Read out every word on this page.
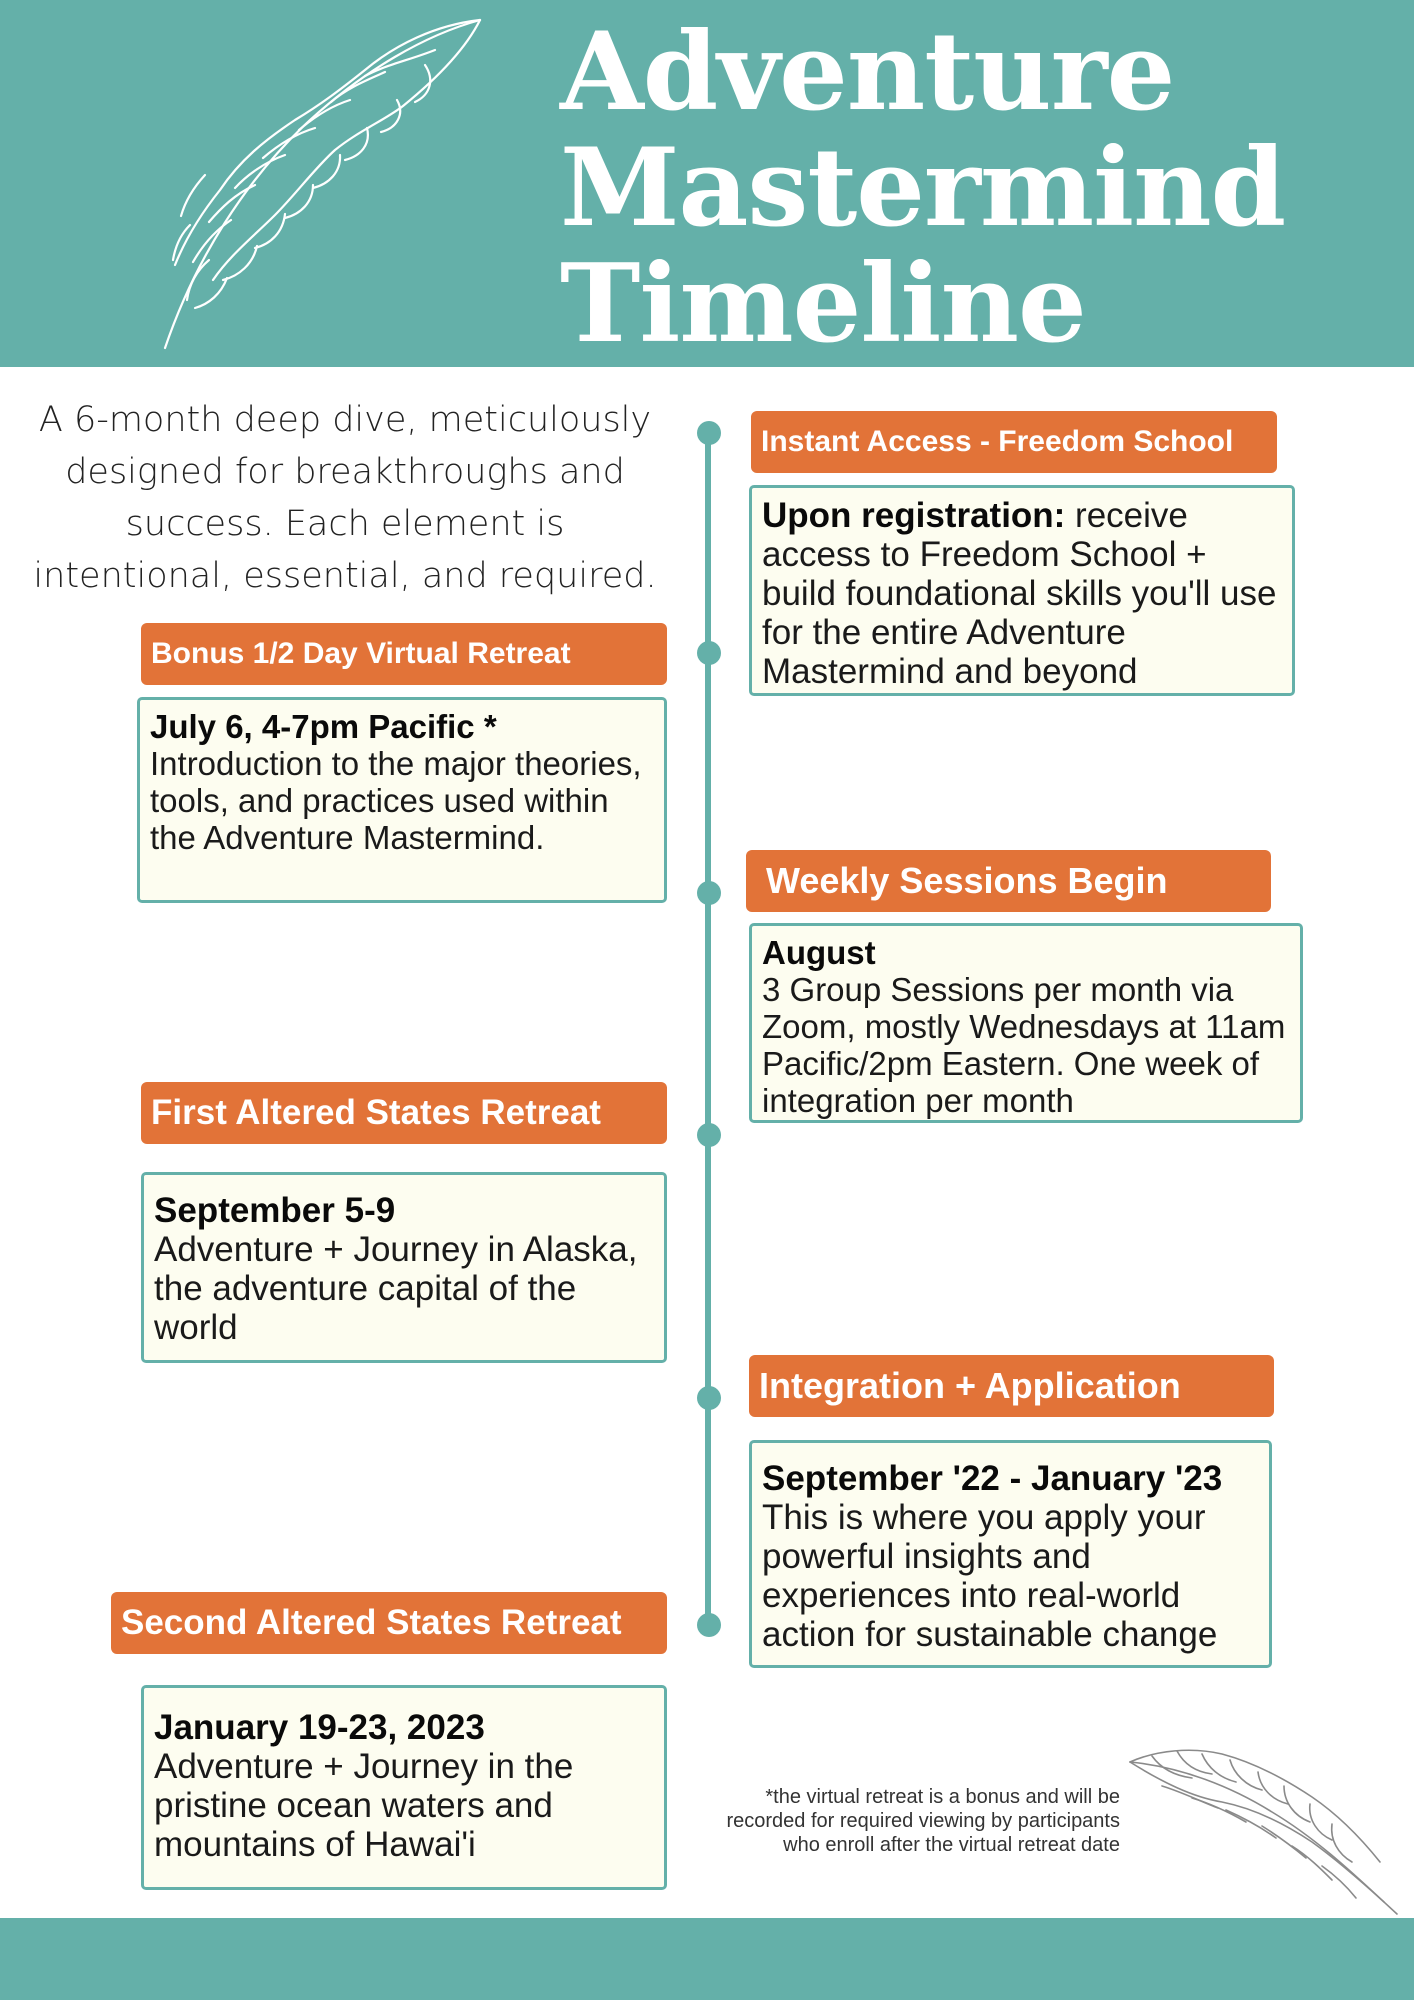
Adventure
Mastermind
Timeline
A 6-month deep dive, meticulously designed for breakthroughs and success. Each element is intentional, essential, and required.
Instant Access - Freedom School
Upon registration: receive access to Freedom School + build foundational skills you'll use for the entire Adventure Mastermind and beyond
Bonus 1/2 Day Virtual Retreat
July 6, 4-7pm Pacific *
Introduction to the major theories, tools, and practices used within the Adventure Mastermind.
Weekly Sessions Begin
August
3 Group Sessions per month via Zoom, mostly Wednesdays at 11am Pacific/2pm Eastern. One week of integration per month
First Altered States Retreat
September 5-9
Adventure + Journey in Alaska, the adventure capital of the world
Integration + Application
September '22 - January '23
This is where you apply your powerful insights and experiences into real-world action for sustainable change
Second Altered States Retreat
January 19-23, 2023
Adventure + Journey in the pristine ocean waters and mountains of Hawai'i
*the virtual retreat is a bonus and will be recorded for required viewing by participants who enroll after the virtual retreat date
